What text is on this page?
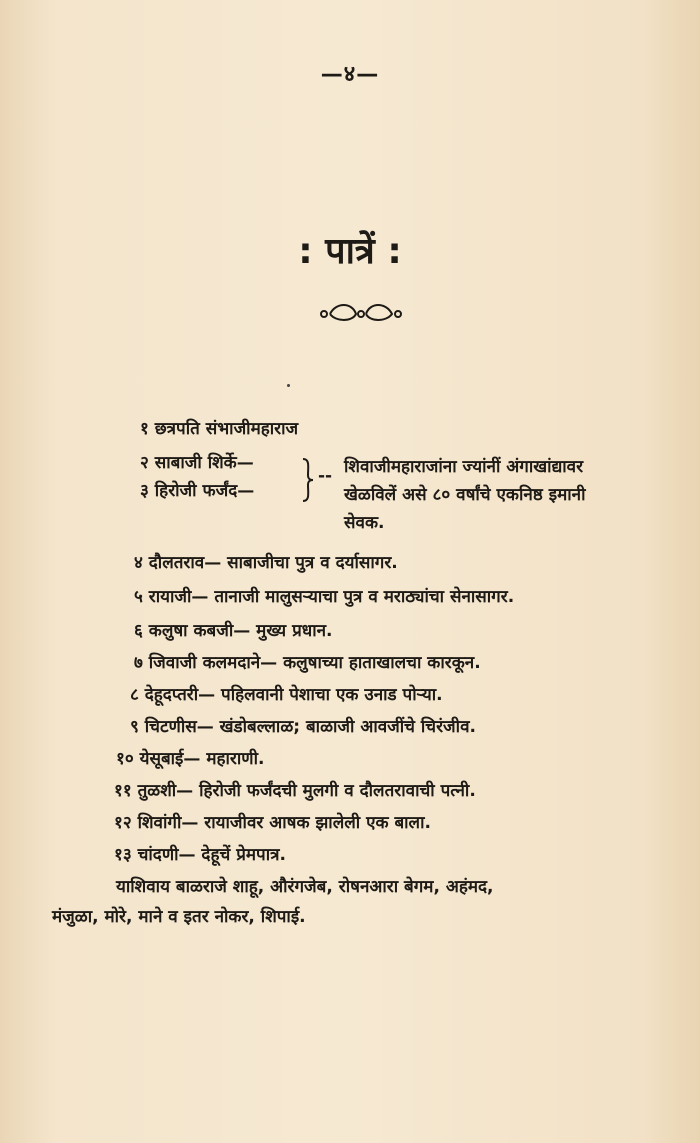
—४—
: पात्रें :
१ छत्रपति संभाजीमहाराज
२ साबाजी शिर्के—
३ हिरोजी फर्जंद—
-- शिवाजीमहाराजांना ज्यांनीं अंगाखांद्यावर
खेळविलें असे ८० वर्षांचे एकनिष्ठ इमानी
सेवक.
४ दौलतराव— साबाजीचा पुत्र व दर्यासागर.
५ रायाजी— तानाजी मालुसऱ्याचा पुत्र व मराठ्यांचा सेनासागर.
६ कलुषा कबजी— मुख्य प्रधान.
७ जिवाजी कलमदाने— कलुषाच्या हाताखालचा कारकून.
८ देहूदप्तरी— पहिलवानी पेशाचा एक उनाड पोऱ्या.
९ चिटणीस— खंडोबल्लाळ; बाळाजी आवजींचे चिरंजीव.
१० येसूबाई— महाराणी.
११ तुळशी— हिरोजी फर्जंदची मुलगी व दौलतरावाची पत्नी.
१२ शिवांगी— रायाजीवर आषक झालेली एक बाला.
१३ चांदणी— देहूचें प्रेमपात्र.
याशिवाय बाळराजे शाहू, औरंगजेब, रोषनआरा बेगम, अहंमद,
मंजुळा, मोरे, माने व इतर नोकर, शिपाई.
